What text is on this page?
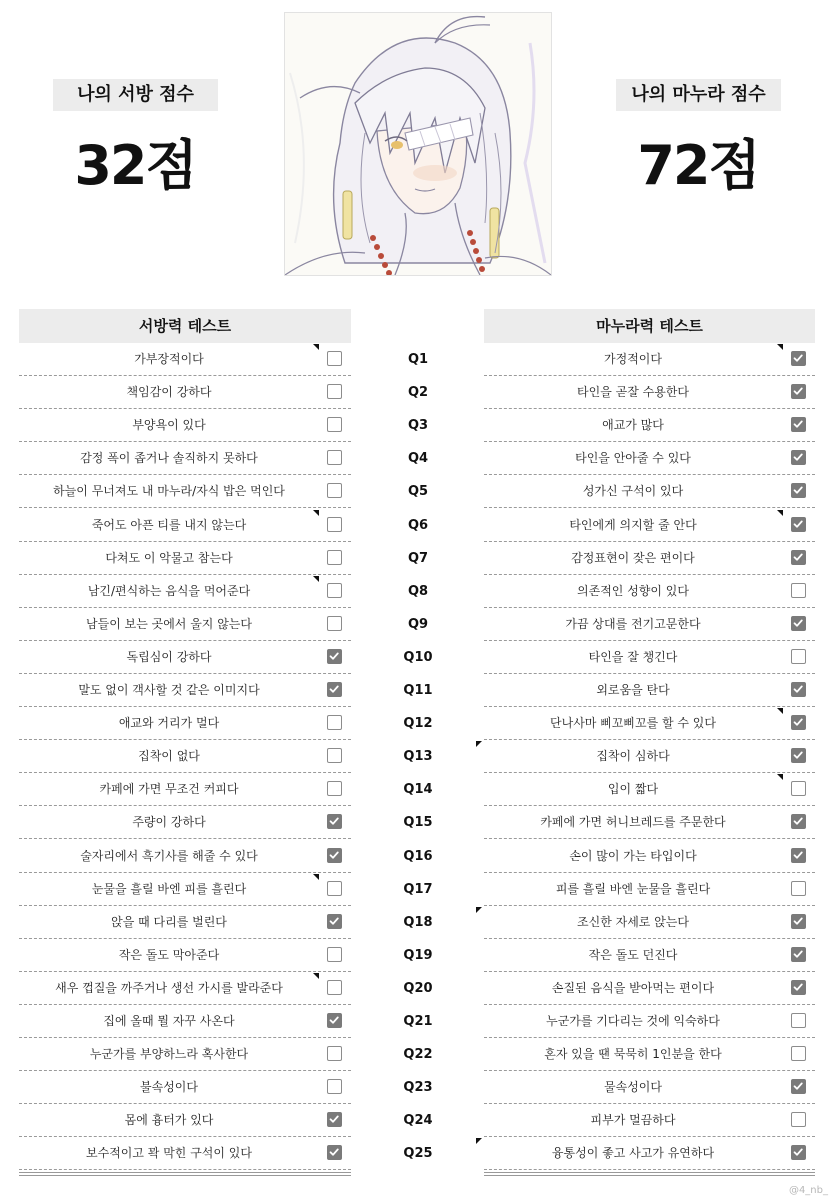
나의 서방 점수
32점
나의 마누라 점수
72점
서방력 테스트	마누라력 테스트
가부장적이다	Q1	가정적이다
책임감이 강하다	Q2	타인을 곧잘 수용한다
부양욕이 있다	Q3	애교가 많다
감정 폭이 좁거나 솔직하지 못하다	Q4	타인을 안아줄 수 있다
하늘이 무너져도 내 마누라/자식 밥은 먹인다	Q5	성가신 구석이 있다
죽어도 아픈 티를 내지 않는다	Q6	타인에게 의지할 줄 안다
다쳐도 이 악물고 참는다	Q7	감정표현이 잦은 편이다
남긴/편식하는 음식을 먹어준다	Q8	의존적인 성향이 있다
남들이 보는 곳에서 울지 않는다	Q9	가끔 상대를 전기고문한다
독립심이 강하다	Q10	타인을 잘 챙긴다
말도 없이 객사할 것 같은 이미지다	Q11	외로움을 탄다
애교와 거리가 멀다	Q12	단나사마 삐꼬삐꼬를 할 수 있다
집착이 없다	Q13	집착이 심하다
카페에 가면 무조건 커피다	Q14	입이 짧다
주량이 강하다	Q15	카페에 가면 허니브레드를 주문한다
술자리에서 흑기사를 해줄 수 있다	Q16	손이 많이 가는 타입이다
눈물을 흘릴 바엔 피를 흘린다	Q17	피를 흘릴 바엔 눈물을 흘린다
앉을 때 다리를 벌린다	Q18	조신한 자세로 앉는다
작은 돌도 막아준다	Q19	작은 돌도 던진다
새우 껍질을 까주거나 생선 가시를 발라준다	Q20	손질된 음식을 받아먹는 편이다
집에 올때 뭘 자꾸 사온다	Q21	누군가를 기다리는 것에 익숙하다
누군가를 부양하느라 혹사한다	Q22	혼자 있을 땐 묵묵히 1인분을 한다
불속성이다	Q23	물속성이다
몸에 흉터가 있다	Q24	피부가 멀끔하다
보수적이고 꽉 막힌 구석이 있다	Q25	융통성이 좋고 사고가 유연하다
@4_nb_
